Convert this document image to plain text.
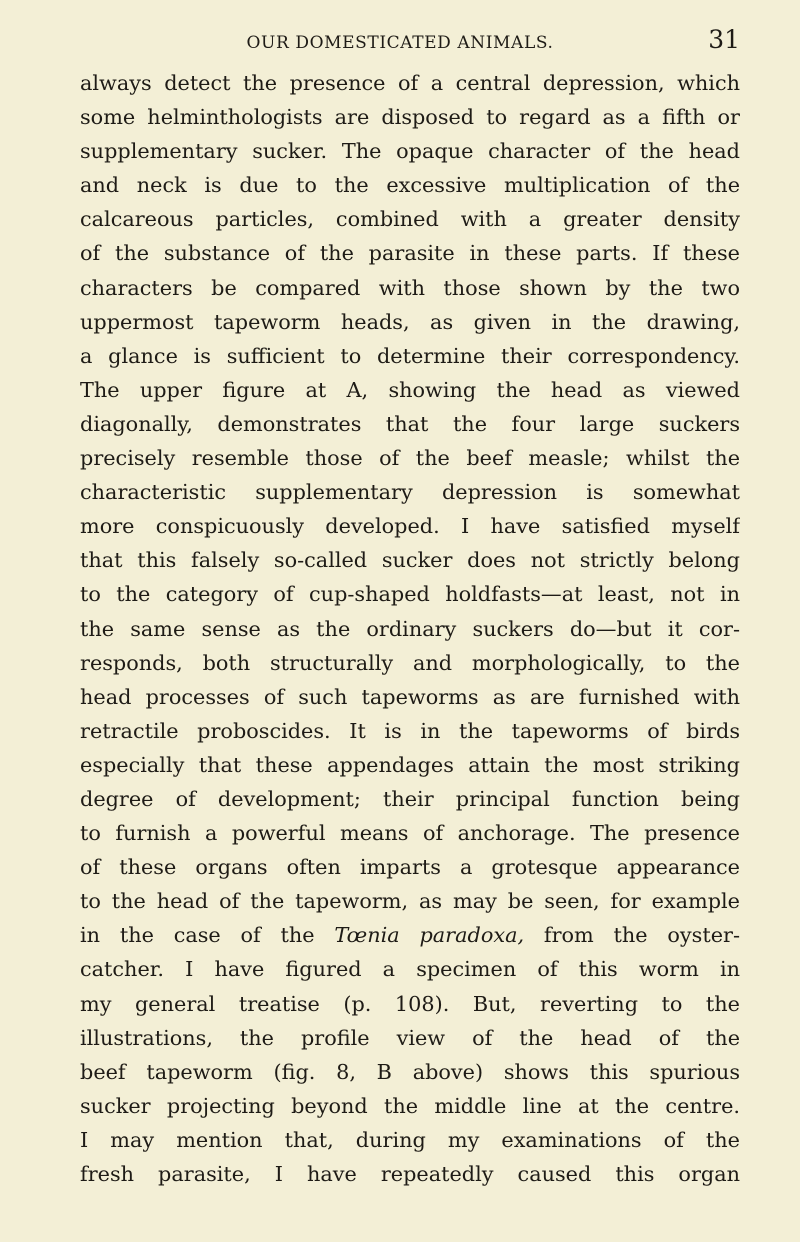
OUR DOMESTICATED ANIMALS.	31
always detect the presence of a central depression, which
some helminthologists are disposed to regard as a fifth or
supplementary sucker. The opaque character of the head
and neck is due to the excessive multiplication of the
calcareous particles, combined with a greater density
of the substance of the parasite in these parts. If these
characters be compared with those shown by the two
uppermost tapeworm heads, as given in the drawing,
a glance is sufficient to determine their correspondency.
The upper figure at A, showing the head as viewed
diagonally, demonstrates that the four large suckers
precisely resemble those of the beef measle; whilst the
characteristic supplementary depression is somewhat
more conspicuously developed. I have satisfied myself
that this falsely so-called sucker does not strictly belong
to the category of cup-shaped holdfasts—at least, not in
the same sense as the ordinary suckers do—but it cor-
responds, both structurally and morphologically, to the
head processes of such tapeworms as are furnished with
retractile proboscides. It is in the tapeworms of birds
especially that these appendages attain the most striking
degree of development; their principal function being
to furnish a powerful means of anchorage. The presence
of these organs often imparts a grotesque appearance
to the head of the tapeworm, as may be seen, for example
in the case of the Tœnia paradoxa, from the oyster-
catcher. I have figured a specimen of this worm in
my general treatise (p. 108). But, reverting to the
illustrations, the profile view of the head of the
beef tapeworm (fig. 8, B above) shows this spurious
sucker projecting beyond the middle line at the centre.
I may mention that, during my examinations of the
fresh parasite, I have repeatedly caused this organ
